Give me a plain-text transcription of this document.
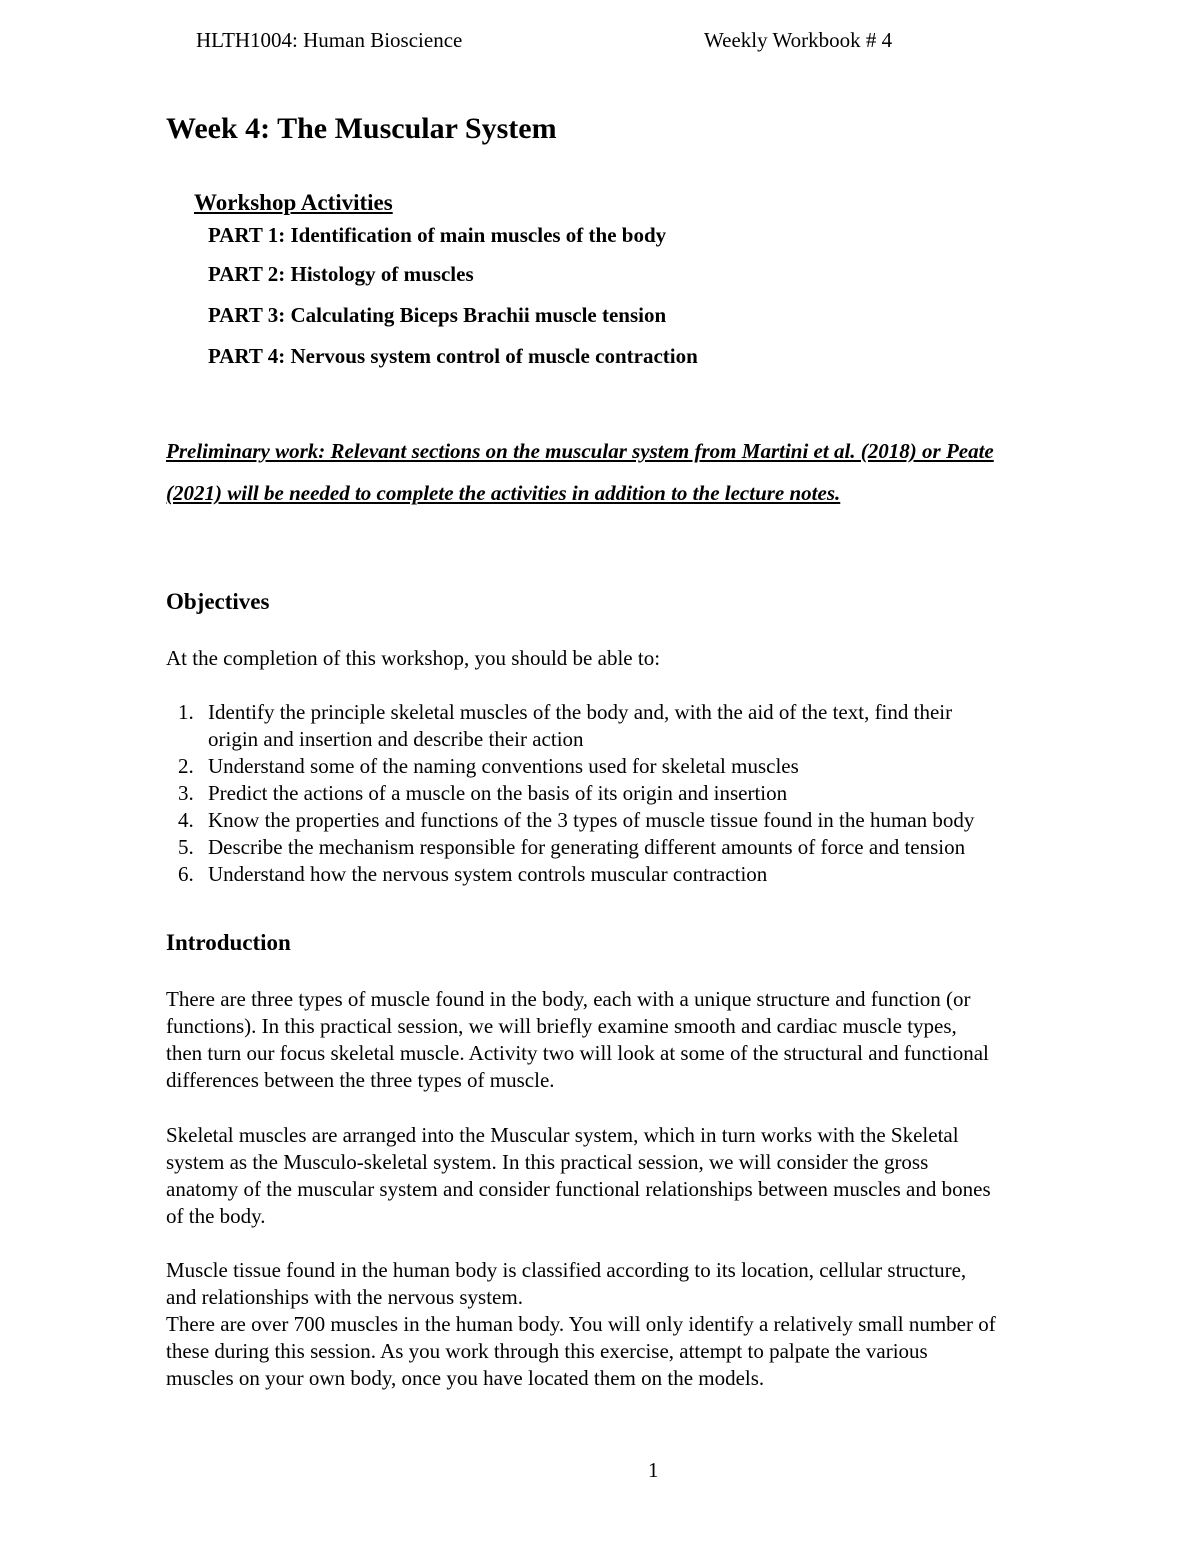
HLTH1004: Human Bioscience	Weekly Workbook # 4
Week 4: The Muscular System
Workshop Activities
PART 1: Identification of main muscles of the body
PART 2: Histology of muscles
PART 3: Calculating Biceps Brachii muscle tension
PART 4: Nervous system control of muscle contraction
Preliminary work: Relevant sections on the muscular system from Martini et al. (2018) or Peate
(2021) will be needed to complete the activities in addition to the lecture notes.
Objectives
At the completion of this workshop, you should be able to:
1. Identify the principle skeletal muscles of the body and, with the aid of the text, find their
origin and insertion and describe their action
2. Understand some of the naming conventions used for skeletal muscles
3. Predict the actions of a muscle on the basis of its origin and insertion
4. Know the properties and functions of the 3 types of muscle tissue found in the human body
5. Describe the mechanism responsible for generating different amounts of force and tension
6. Understand how the nervous system controls muscular contraction
Introduction
There are three types of muscle found in the body, each with a unique structure and function (or
functions). In this practical session, we will briefly examine smooth and cardiac muscle types,
then turn our focus skeletal muscle. Activity two will look at some of the structural and functional
differences between the three types of muscle.
Skeletal muscles are arranged into the Muscular system, which in turn works with the Skeletal
system as the Musculo-skeletal system. In this practical session, we will consider the gross
anatomy of the muscular system and consider functional relationships between muscles and bones
of the body.
Muscle tissue found in the human body is classified according to its location, cellular structure,
and relationships with the nervous system.
There are over 700 muscles in the human body. You will only identify a relatively small number of
these during this session. As you work through this exercise, attempt to palpate the various
muscles on your own body, once you have located them on the models.
1
